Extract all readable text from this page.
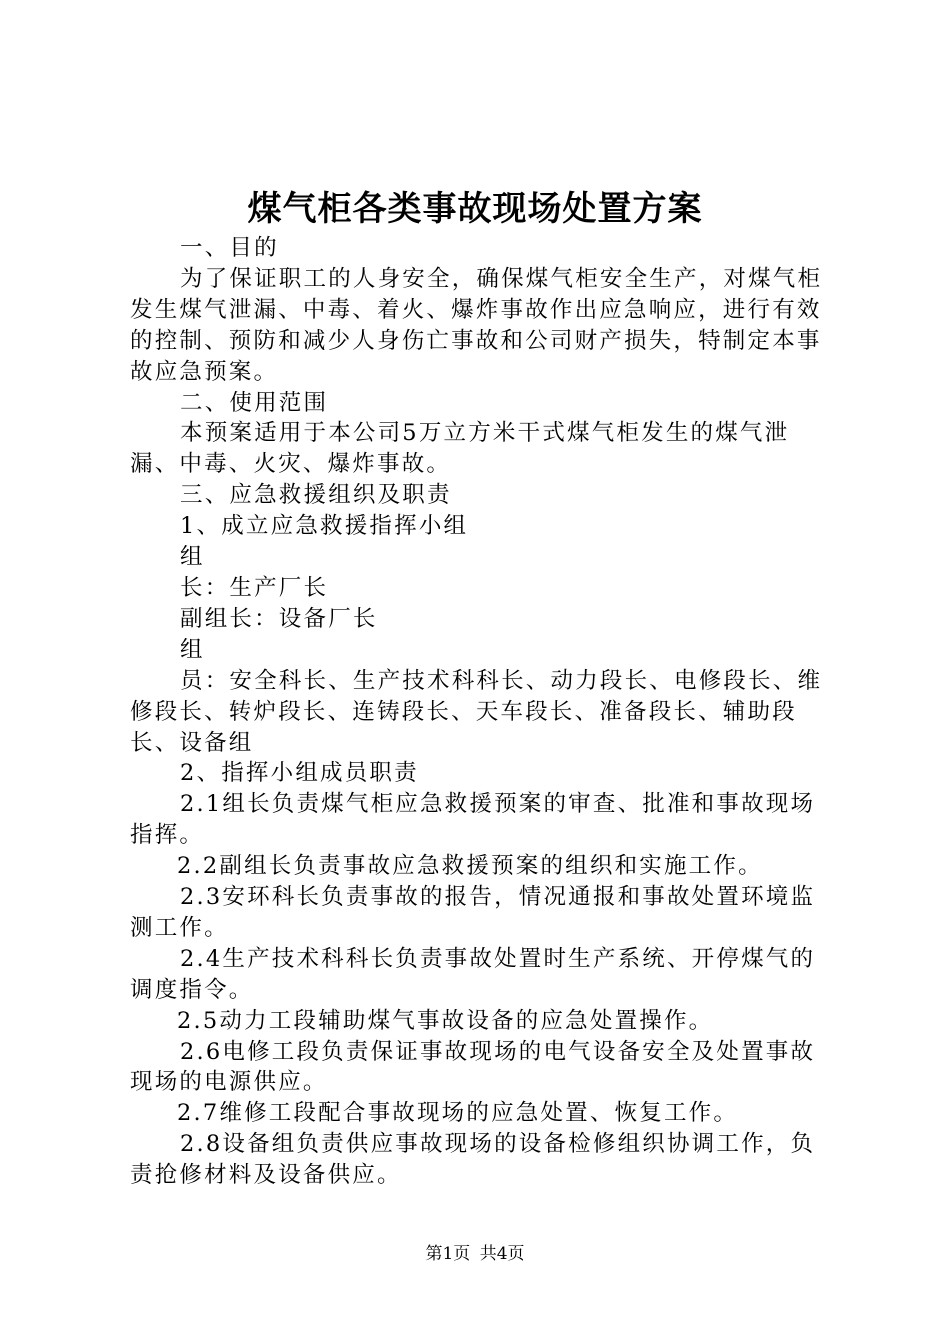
煤气柜各类事故现场处置方案

一、目的

为了保证职工的人身安全，确保煤气柜安全生产，对煤气柜发生煤气泄漏、中毒、着火、爆炸事故作出应急响应，进行有效的控制、预防和减少人身伤亡事故和公司财产损失，特制定本事故应急预案。

二、使用范围

本预案适用于本公司5万立方米干式煤气柜发生的煤气泄漏、中毒、火灾、爆炸事故。

三、应急救援组织及职责

1、成立应急救援指挥小组

组

长：生产厂长

副组长：设备厂长

组

员：安全科长、生产技术科科长、动力段长、电修段长、维修段长、转炉段长、连铸段长、天车段长、准备段长、辅助段长、设备组

2、指挥小组成员职责

2.1组长负责煤气柜应急救援预案的审查、批准和事故现场指挥。

2.2副组长负责事故应急救援预案的组织和实施工作。

2.3安环科长负责事故的报告，情况通报和事故处置环境监测工作。

2.4生产技术科科长负责事故处置时生产系统、开停煤气的调度指令。

2.5动力工段辅助煤气事故设备的应急处置操作。

2.6电修工段负责保证事故现场的电气设备安全及处置事故现场的电源供应。

2.7维修工段配合事故现场的应急处置、恢复工作。

2.8设备组负责供应事故现场的设备检修组织协调工作，负责抢修材料及设备供应。

第1页 共4页
